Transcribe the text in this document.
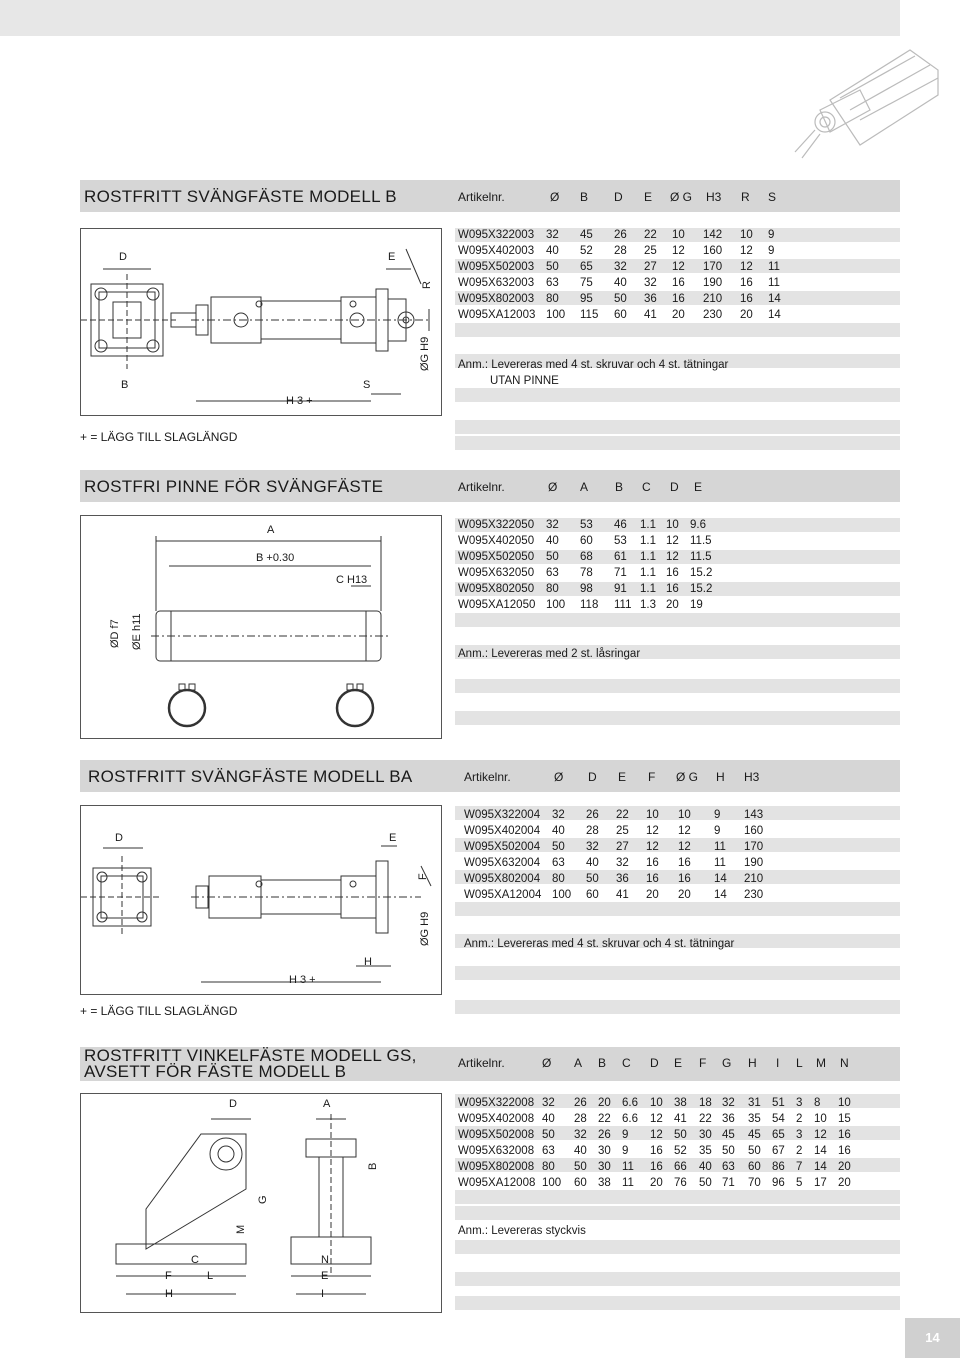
ROSTFRITT SVÄNGFÄSTE MODELL B	Artikelnr.	Ø B D E Ø G H3 R S
D	E
R
B	S
H 3 +
ØG H9
W095X322003 32 45 26 22 10 142 10 9
W095X402003 40 52 28 25 12 160 12 9
W095X502003 50 65 32 27 12 170 12 11
W095X632003 63 75 40 32 16 190 16 11
W095X802003 80 95 50 36 16 210 16 14
W095XA12003 100 115 60 41 20 230 20 14
Anm.: Levereras med 4 st. skruvar och 4 st. tätningar
UTAN PINNE
+ = LÄGG TILL SLAGLÄNGD
ROSTFRI PINNE FÖR SVÄNGFÄSTE	Artikelnr.	Ø A B C D E
A
B +0.30
C H13
ØD f7 ØE h11
W095X322050 32 53 46 1.1 10 9.6
W095X402050 40 60 53 1.1 12 11.5
W095X502050 50 68 61 1.1 12 11.5
W095X632050 63 78 71 1.1 16 15.2
W095X802050 80 98 91 1.1 16 15.2
W095XA12050 100 118 111 1.3 20 19
Anm.: Levereras med 2 st. låsringar
ROSTFRITT SVÄNGFÄSTE MODELL BA	Artikelnr.	Ø D E F Ø G H H3
D	E
F
H
H 3 +
ØG H9
W095X322004 32 26 22 10 10 9 143
W095X402004 40 28 25 12 12 9 160
W095X502004 50 32 27 12 12 11 170
W095X632004 63 40 32 16 16 11 190
W095X802004 80 50 36 16 16 14 210
W095XA12004 100 60 41 20 20 14 230
Anm.: Levereras med 4 st. skruvar och 4 st. tätningar
+ = LÄGG TILL SLAGLÄNGD
ROSTFRITT VINKELFÄSTE MODELL GS,
AVSETT FÖR FÄSTE MODELL B	Artikelnr.	Ø A B C D E F G H I L M N
D	A
B
G
M
C
F	L
H
N
E
I
W095X322008 32 26 20 6.6 10 38 18 32 31 51 3 8 10
W095X402008 40 28 22 6.6 12 41 22 36 35 54 2 10 15
W095X502008 50 32 26 9 12 50 30 45 45 65 3 12 16
W095X632008 63 40 30 9 16 52 35 50 50 67 2 14 16
W095X802008 80 50 30 11 16 66 40 63 60 86 7 14 20
W095XA12008 100 60 38 11 20 76 50 71 70 96 5 17 20
Anm.: Levereras styckvis
14
